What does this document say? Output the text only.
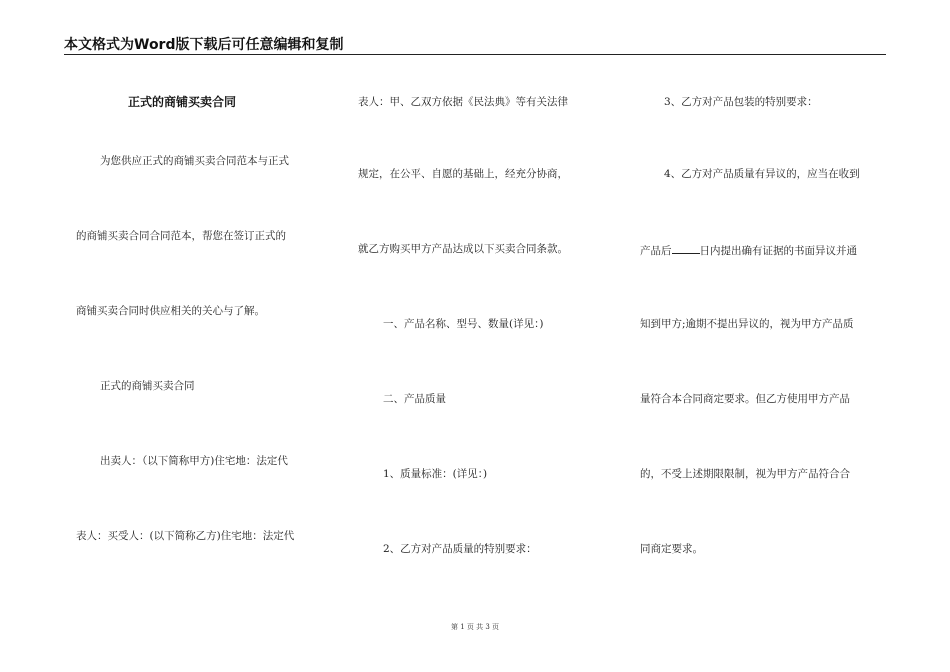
本文格式为Word版下载后可任意编辑和复制
正式的商铺买卖合同
为您供应正式的商铺买卖合同范本与正式
的商铺买卖合同合同范本，帮您在签订正式的
商铺买卖合同时供应相关的关心与了解。
正式的商铺买卖合同
出卖人：（以下简称甲方)住宅地：法定代
表人：买受人：(以下简称乙方)住宅地：法定代
表人：甲、乙双方依据《民法典》等有关法律
规定，在公平、自愿的基础上，经充分协商，
就乙方购买甲方产品达成以下买卖合同条款。
一、产品名称、型号、数量(详见：)
二、产品质量
1、质量标准：(详见：)
2、乙方对产品质量的特别要求：
3、乙方对产品包装的特别要求：
4、乙方对产品质量有异议的，应当在收到
产品后	日内提出确有证据的书面异议并通
知到甲方;逾期不提出异议的，视为甲方产品质
量符合本合同商定要求。但乙方使用甲方产品
的，不受上述期限限制，视为甲方产品符合合
同商定要求。
第 1 页 共 3 页
